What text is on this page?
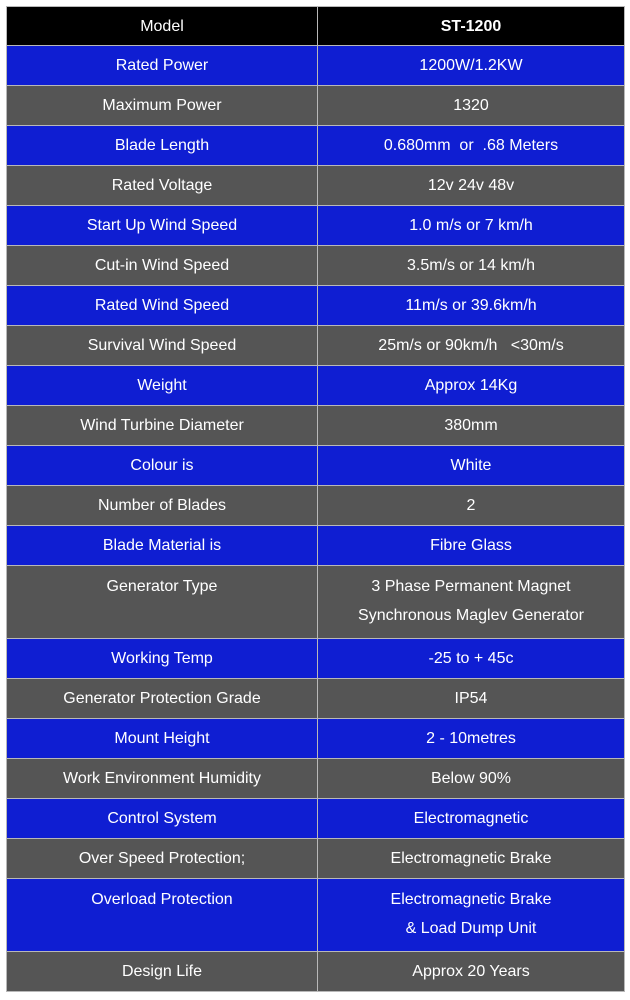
Model	ST-1200
Rated Power	1200W/1.2KW

Maximum Power	1320

Blade Length	0.680mm  or  .68 Meters

Rated Voltage	12v 24v 48v

Start Up Wind Speed	1.0 m/s or 7 km/h

Cut-in Wind Speed	3.5m/s or 14 km/h

Rated Wind Speed	11m/s or 39.6km/h

Survival Wind Speed	25m/s or 90km/h   <30m/s

Weight	Approx 14Kg

Wind Turbine Diameter	380mm

Colour is	White

Number of Blades	2

Blade Material is	Fibre Glass

Generator Type	3 Phase Permanent Magnet
Synchronous Maglev Generator

Working Temp	-25 to + 45c

Generator Protection Grade	IP54

Mount Height	2 - 10metres

Work Environment Humidity	Below 90%

Control System	Electromagnetic

Over Speed Protection;	Electromagnetic Brake

Overload Protection	Electromagnetic Brake
& Load Dump Unit

Design Life	Approx 20 Years
